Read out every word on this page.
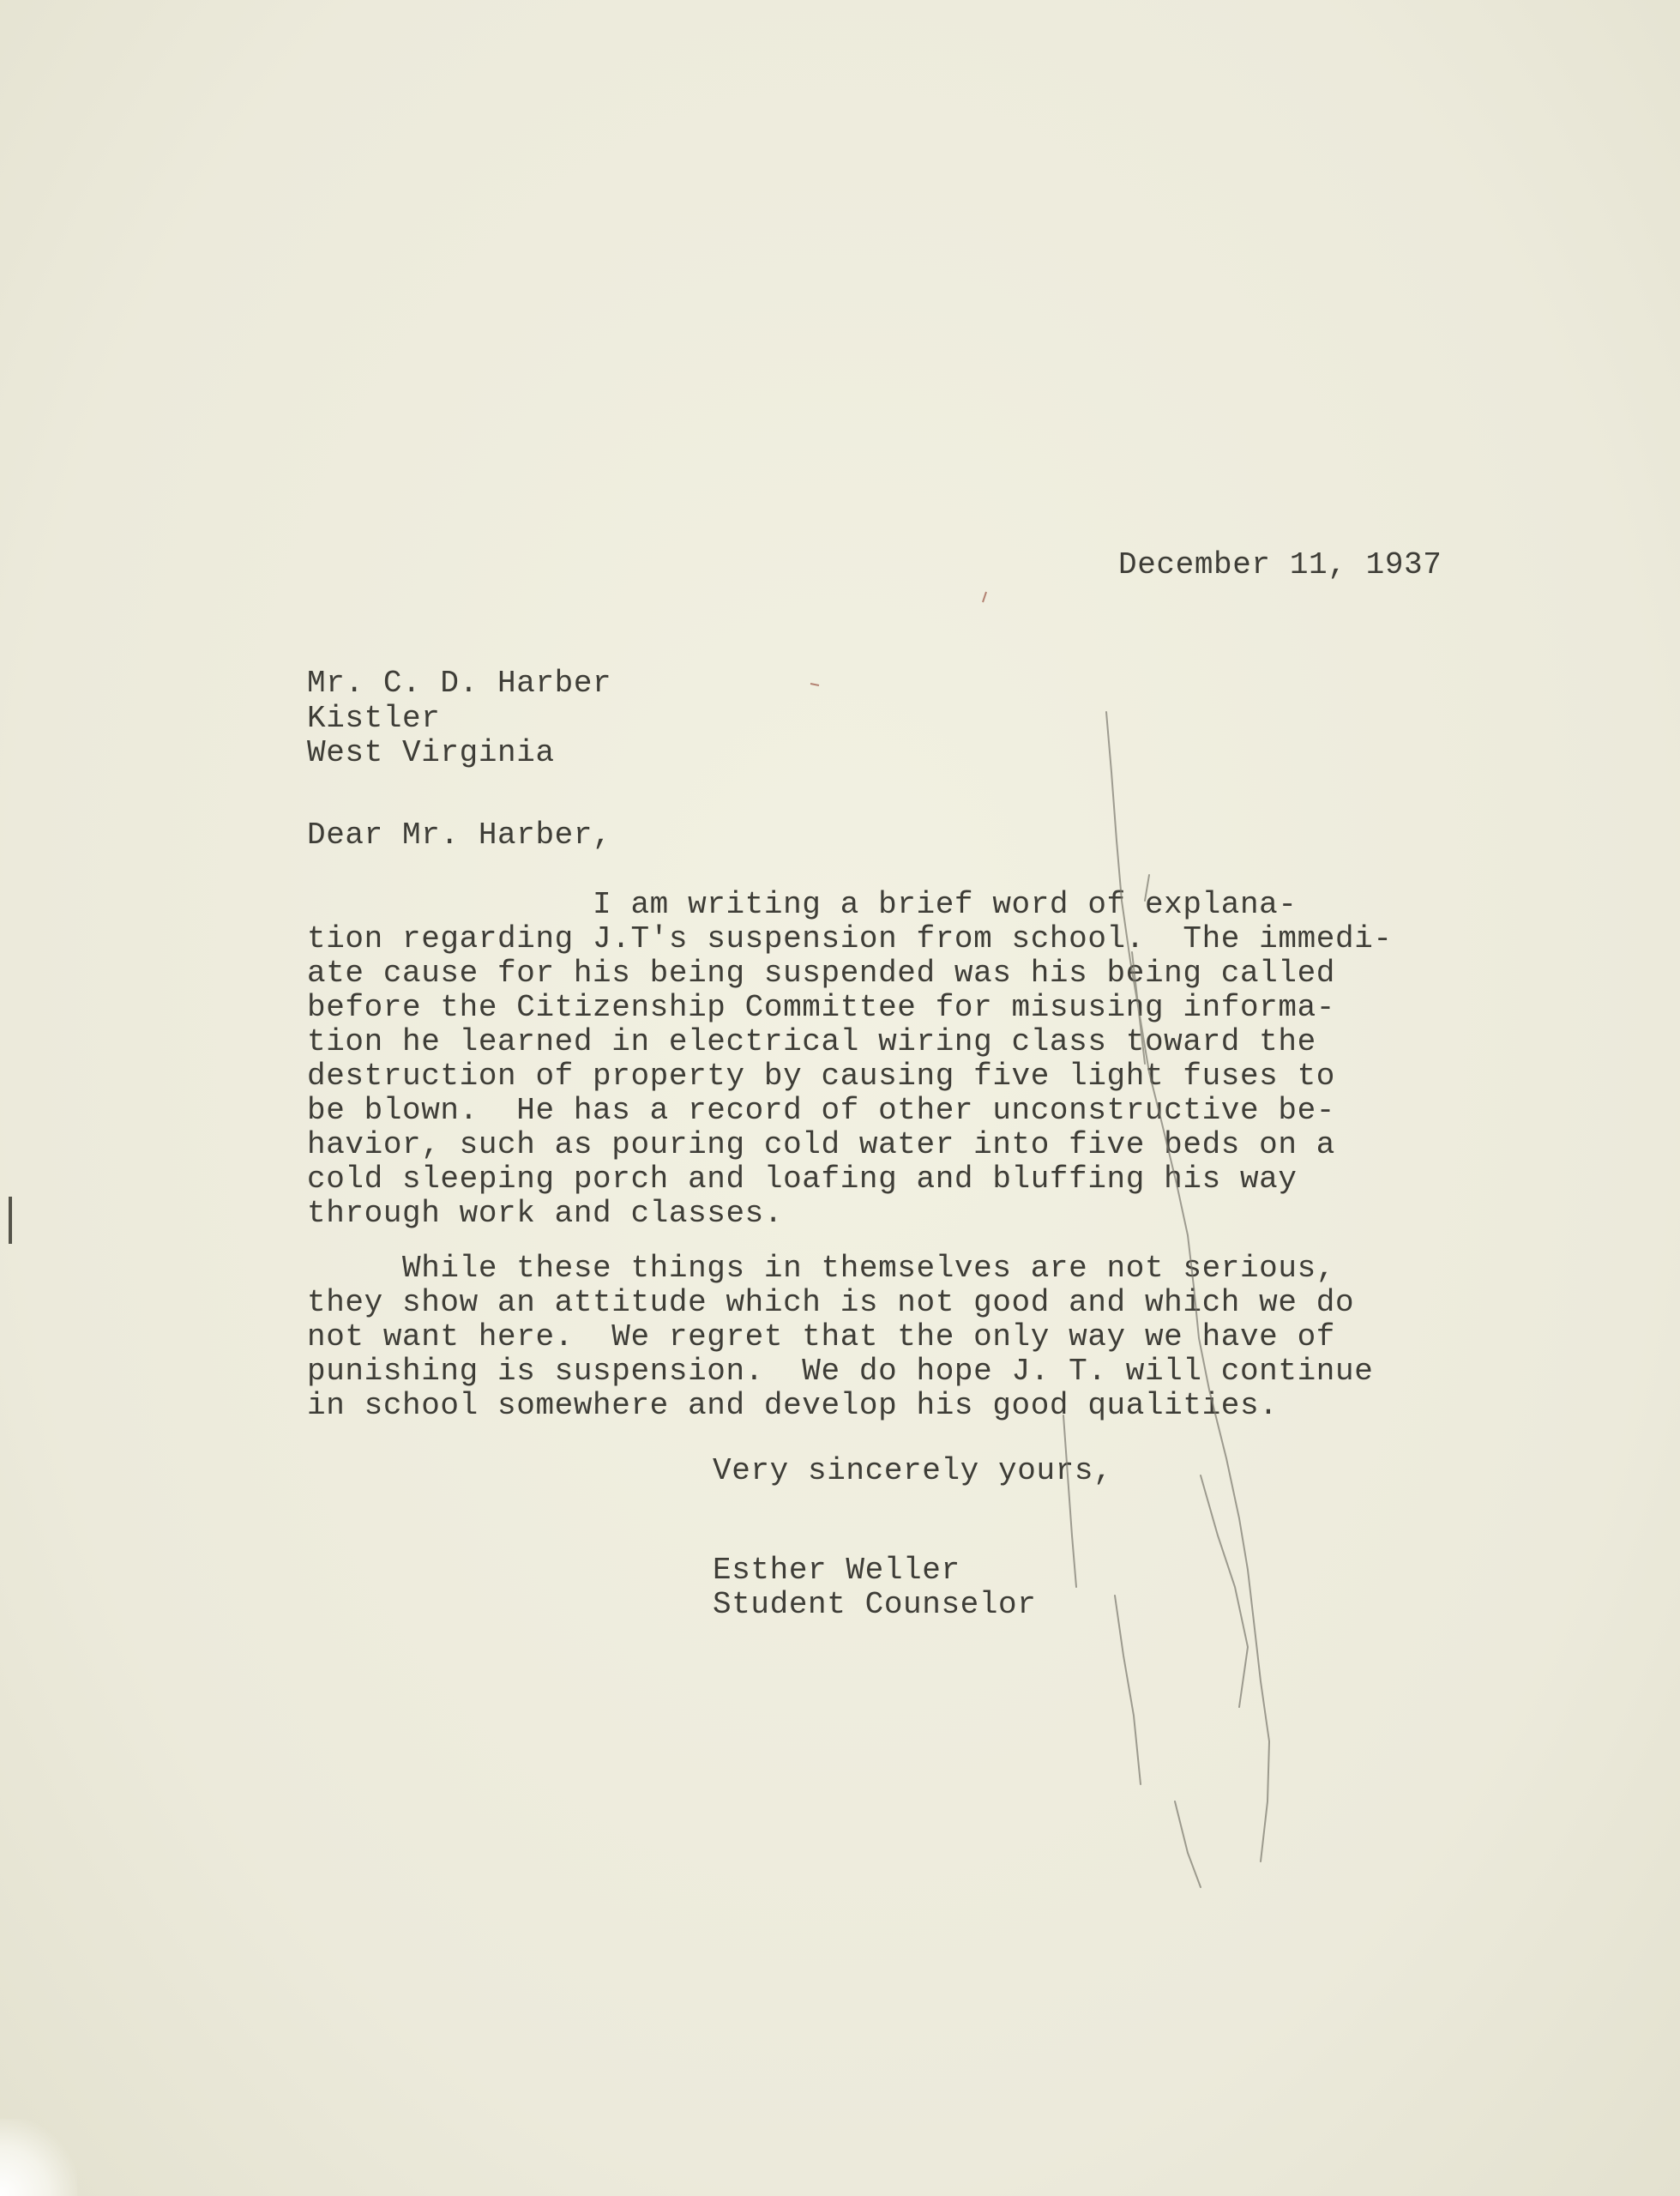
December 11, 1937
Mr. C. D. Harber
Kistler
West Virginia
Dear Mr. Harber,
I am writing a brief word of explana-
tion regarding J.T's suspension from school.  The immedi-
ate cause for his being suspended was his being called
before the Citizenship Committee for misusing informa-
tion he learned in electrical wiring class toward the
destruction of property by causing five light fuses to
be blown.  He has a record of other unconstructive be-
havior, such as pouring cold water into five beds on a
cold sleeping porch and loafing and bluffing his way
through work and classes.
While these things in themselves are not serious,
they show an attitude which is not good and which we do
not want here.  We regret that the only way we have of
punishing is suspension.  We do hope J. T. will continue
in school somewhere and develop his good qualities.
Very sincerely yours,
Esther Weller
Student Counselor
